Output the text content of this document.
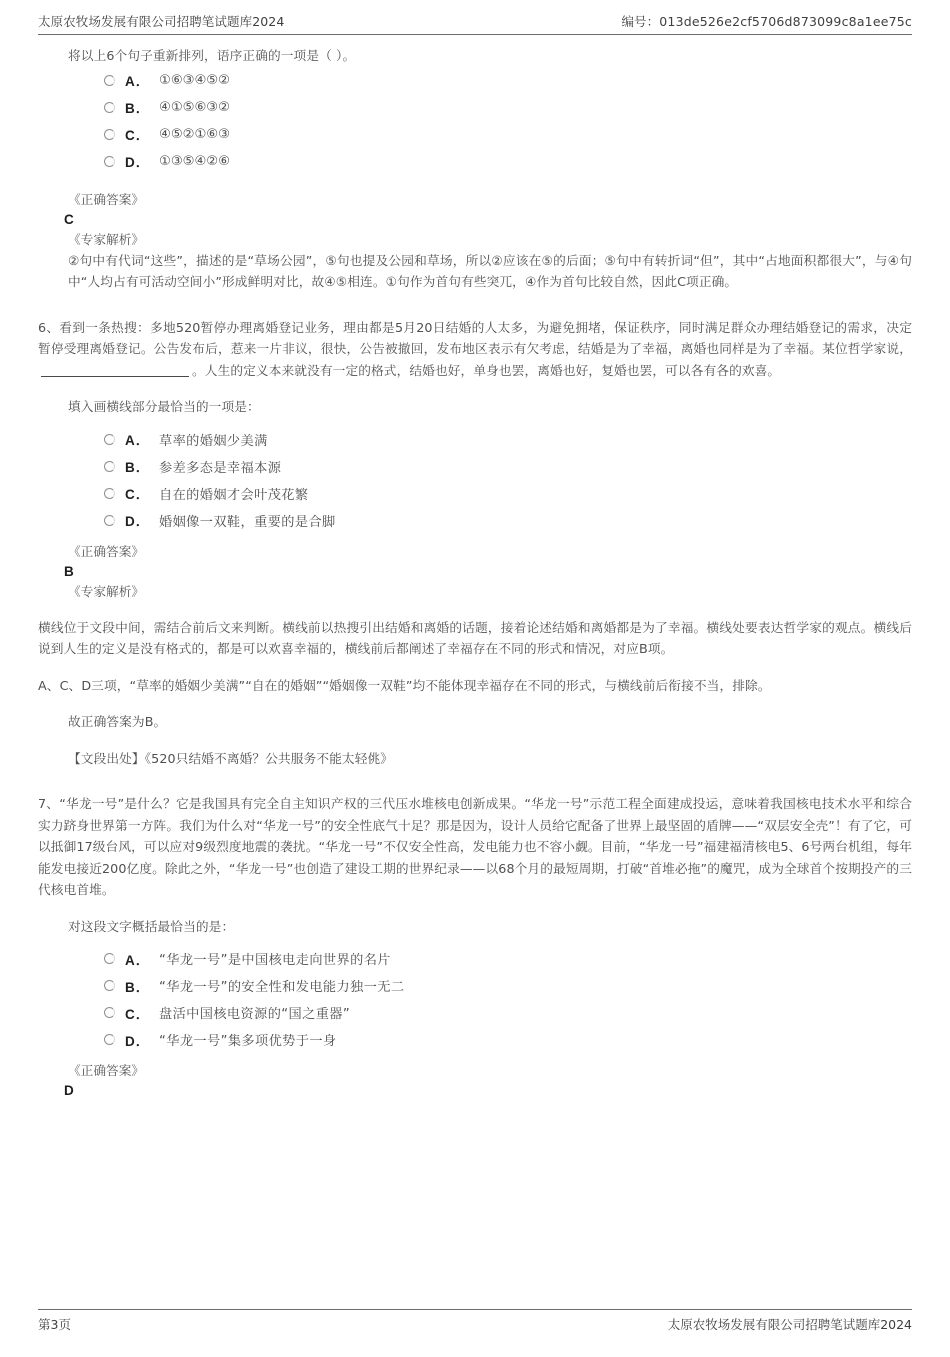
太原农牧场发展有限公司招聘笔试题库2024	编号：013de526e2cf5706d873099c8a1ee75c

将以上6个句子重新排列，语序正确的一项是（ ）。

A． ①⑥③④⑤②
B． ④①⑤⑥③②
C． ④⑤②①⑥③
D． ①③⑤④②⑥

《正确答案》

C

《专家解析》

②句中有代词“这些”，描述的是“草场公园”，⑤句也提及公园和草场，所以②应该在⑤的后面；⑤句中有转折词“但”，其中“占地面积都很大”，与④句中“人均占有可活动空间小”形成鲜明对比，故④⑤相连。①句作为首句有些突兀，④作为首句比较自然，因此C项正确。

6、看到一条热搜：多地520暂停办理离婚登记业务，理由都是5月20日结婚的人太多，为避免拥堵，保证秩序，同时满足群众办理结婚登记的需求，决定暂停受理离婚登记。公告发布后，惹来一片非议，很快，公告被撤回，发布地区表示有欠考虑，结婚是为了幸福，离婚也同样是为了幸福。某位哲学家说，。人生的定义本来就没有一定的格式，结婚也好，单身也罢，离婚也好，复婚也罢，可以各有各的欢喜。

填入画横线部分最恰当的一项是：

A． 草率的婚姻少美满
B． 参差多态是幸福本源
C． 自在的婚姻才会叶茂花繁
D． 婚姻像一双鞋，重要的是合脚

《正确答案》

B

《专家解析》

横线位于文段中间，需结合前后文来判断。横线前以热搜引出结婚和离婚的话题，接着论述结婚和离婚都是为了幸福。横线处要表达哲学家的观点。横线后说到人生的定义是没有格式的，都是可以欢喜幸福的，横线前后都阐述了幸福存在不同的形式和情况，对应B项。

A、C、D三项，“草率的婚姻少美满”“自在的婚姻”“婚姻像一双鞋”均不能体现幸福存在不同的形式，与横线前后衔接不当，排除。

故正确答案为B。

【文段出处】《520只结婚不离婚？公共服务不能太轻佻》

7、“华龙一号”是什么？它是我国具有完全自主知识产权的三代压水堆核电创新成果。“华龙一号”示范工程全面建成投运，意味着我国核电技术水平和综合实力跻身世界第一方阵。我们为什么对“华龙一号”的安全性底气十足？那是因为，设计人员给它配备了世界上最坚固的盾牌——“双层安全壳”！有了它，可以抵御17级台风，可以应对9级烈度地震的袭扰。“华龙一号”不仅安全性高，发电能力也不容小觑。目前，“华龙一号”福建福清核电5、6号两台机组，每年能发电接近200亿度。除此之外，“华龙一号”也创造了建设工期的世界纪录——以68个月的最短周期，打破“首堆必拖”的魔咒，成为全球首个按期投产的三代核电首堆。

对这段文字概括最恰当的是：

A． “华龙一号”是中国核电走向世界的名片
B． “华龙一号”的安全性和发电能力独一无二
C． 盘活中国核电资源的“国之重器”
D． “华龙一号”集多项优势于一身

《正确答案》

D

第3页	太原农牧场发展有限公司招聘笔试题库2024
